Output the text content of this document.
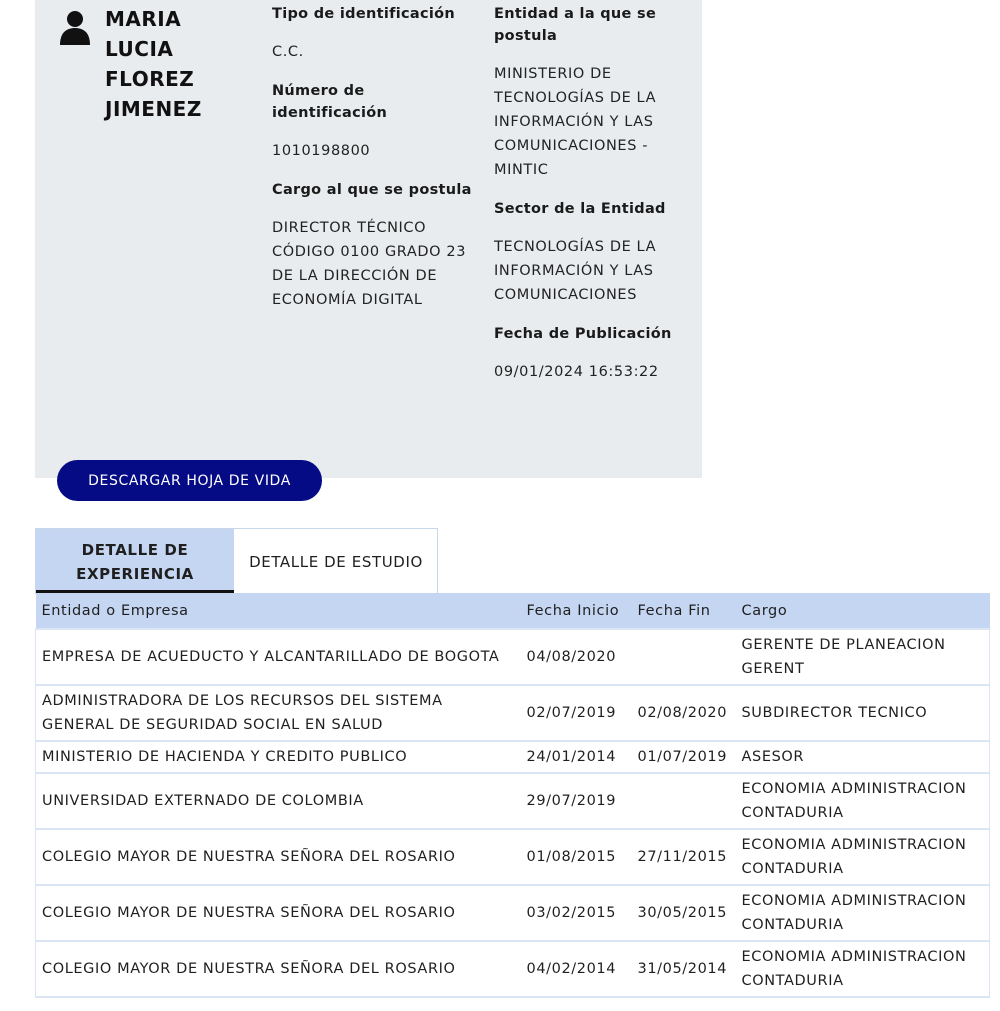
MARIA
LUCIA
FLOREZ
JIMENEZ
Tipo de identificación
C.C.
Número de identificación
1010198800
Cargo al que se postula
DIRECTOR TÉCNICO CÓDIGO 0100 GRADO 23 DE LA DIRECCIÓN DE ECONOMÍA DIGITAL
Entidad a la que se postula
MINISTERIO DE TECNOLOGÍAS DE LA INFORMACIÓN Y LAS COMUNICACIONES - MINTIC
Sector de la Entidad
TECNOLOGÍAS DE LA INFORMACIÓN Y LAS COMUNICACIONES
Fecha de Publicación
09/01/2024 16:53:22
DESCARGAR HOJA DE VIDA
DETALLE DE EXPERIENCIA
DETALLE DE ESTUDIO
Entidad o Empresa	Fecha Inicio	Fecha Fin	Cargo
EMPRESA DE ACUEDUCTO Y ALCANTARILLADO DE BOGOTA	04/08/2020		GERENTE DE PLANEACION GERENT
ADMINISTRADORA DE LOS RECURSOS DEL SISTEMA GENERAL DE SEGURIDAD SOCIAL EN SALUD	02/07/2019	02/08/2020	SUBDIRECTOR TECNICO
MINISTERIO DE HACIENDA Y CREDITO PUBLICO	24/01/2014	01/07/2019	ASESOR
UNIVERSIDAD EXTERNADO DE COLOMBIA	29/07/2019		ECONOMIA ADMINISTRACION CONTADURIA
COLEGIO MAYOR DE NUESTRA SEÑORA DEL ROSARIO	01/08/2015	27/11/2015	ECONOMIA ADMINISTRACION CONTADURIA
COLEGIO MAYOR DE NUESTRA SEÑORA DEL ROSARIO	03/02/2015	30/05/2015	ECONOMIA ADMINISTRACION CONTADURIA
COLEGIO MAYOR DE NUESTRA SEÑORA DEL ROSARIO	04/02/2014	31/05/2014	ECONOMIA ADMINISTRACION CONTADURIA
